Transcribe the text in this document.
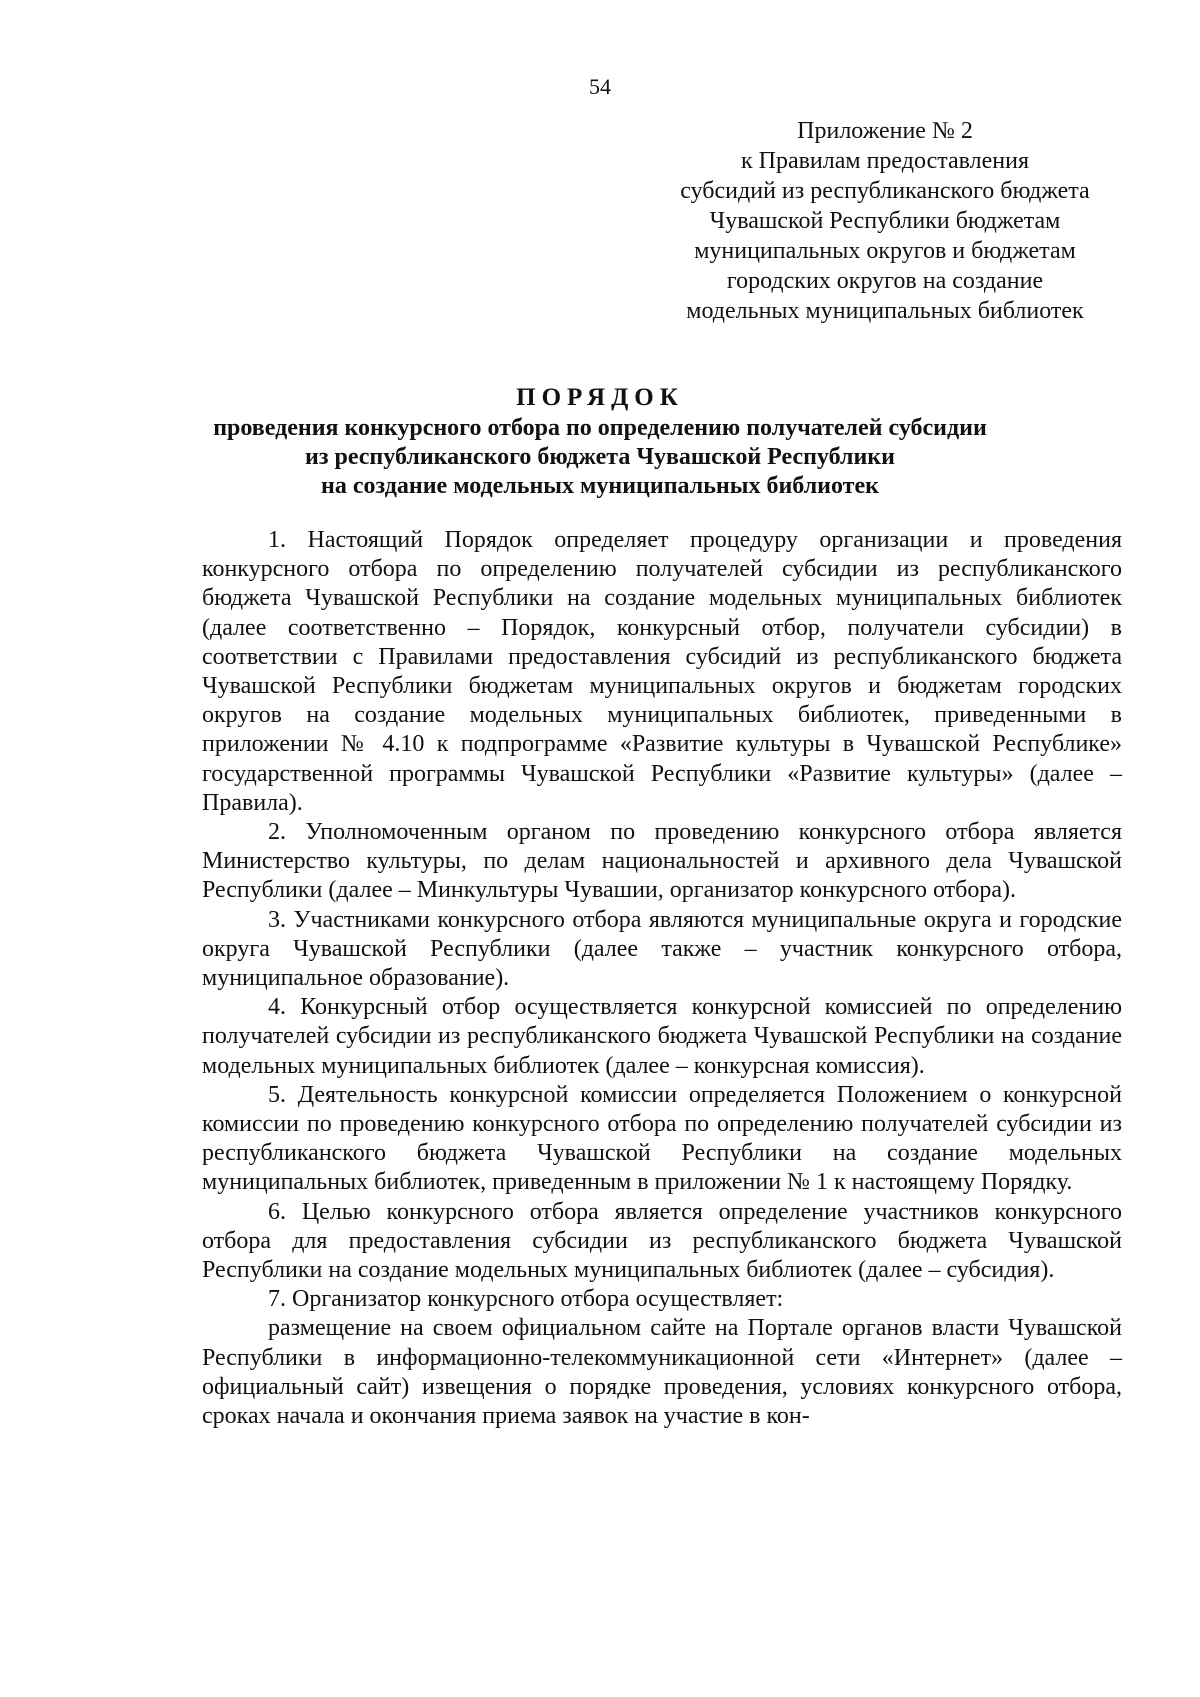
54
Приложение № 2
к Правилам предоставления
субсидий из республиканского бюджета
Чувашской Республики бюджетам
муниципальных округов и бюджетам
городских округов на создание
модельных муниципальных библиотек
ПОРЯДОК
проведения конкурсного отбора по определению получателей субсидии
из республиканского бюджета Чувашской Республики
на создание модельных муниципальных библиотек

1. Настоящий Порядок определяет процедуру организации и проведения конкурсного отбора по определению получателей субсидии из республиканского бюджета Чувашской Республики на создание модельных муниципальных библиотек (далее соответственно – Порядок, конкурсный отбор, получатели субсидии) в соответствии с Правилами предоставления субсидий из республиканского бюджета Чувашской Республики бюджетам муниципальных округов и бюджетам городских округов на создание модельных муниципальных библиотек, приведенными в приложении № 4.10 к подпрограмме «Развитие культуры в Чувашской Республике» государственной программы Чувашской Республики «Развитие культуры» (далее – Правила).

2. Уполномоченным органом по проведению конкурсного отбора является Министерство культуры, по делам национальностей и архивного дела Чувашской Республики (далее – Минкультуры Чувашии, организатор конкурсного отбора).

3. Участниками конкурсного отбора являются муниципальные округа и городские округа Чувашской Республики (далее также – участник конкурсного отбора, муниципальное образование).

4. Конкурсный отбор осуществляется конкурсной комиссией по определению получателей субсидии из республиканского бюджета Чувашской Республики на создание модельных муниципальных библиотек (далее – конкурсная комиссия).

5. Деятельность конкурсной комиссии определяется Положением о конкурсной комиссии по проведению конкурсного отбора по определению получателей субсидии из республиканского бюджета Чувашской Республики на создание модельных муниципальных библиотек, приведенным в приложении № 1 к настоящему Порядку.

6. Целью конкурсного отбора является определение участников конкурсного отбора для предоставления субсидии из республиканского бюджета Чувашской Республики на создание модельных муниципальных библиотек (далее – субсидия).

7. Организатор конкурсного отбора осуществляет:

размещение на своем официальном сайте на Портале органов власти Чувашской Республики в информационно-телекоммуникационной сети «Интернет» (далее – официальный сайт) извещения о порядке проведения, условиях конкурсного отбора, сроках начала и окончания приема заявок на участие в кон-
